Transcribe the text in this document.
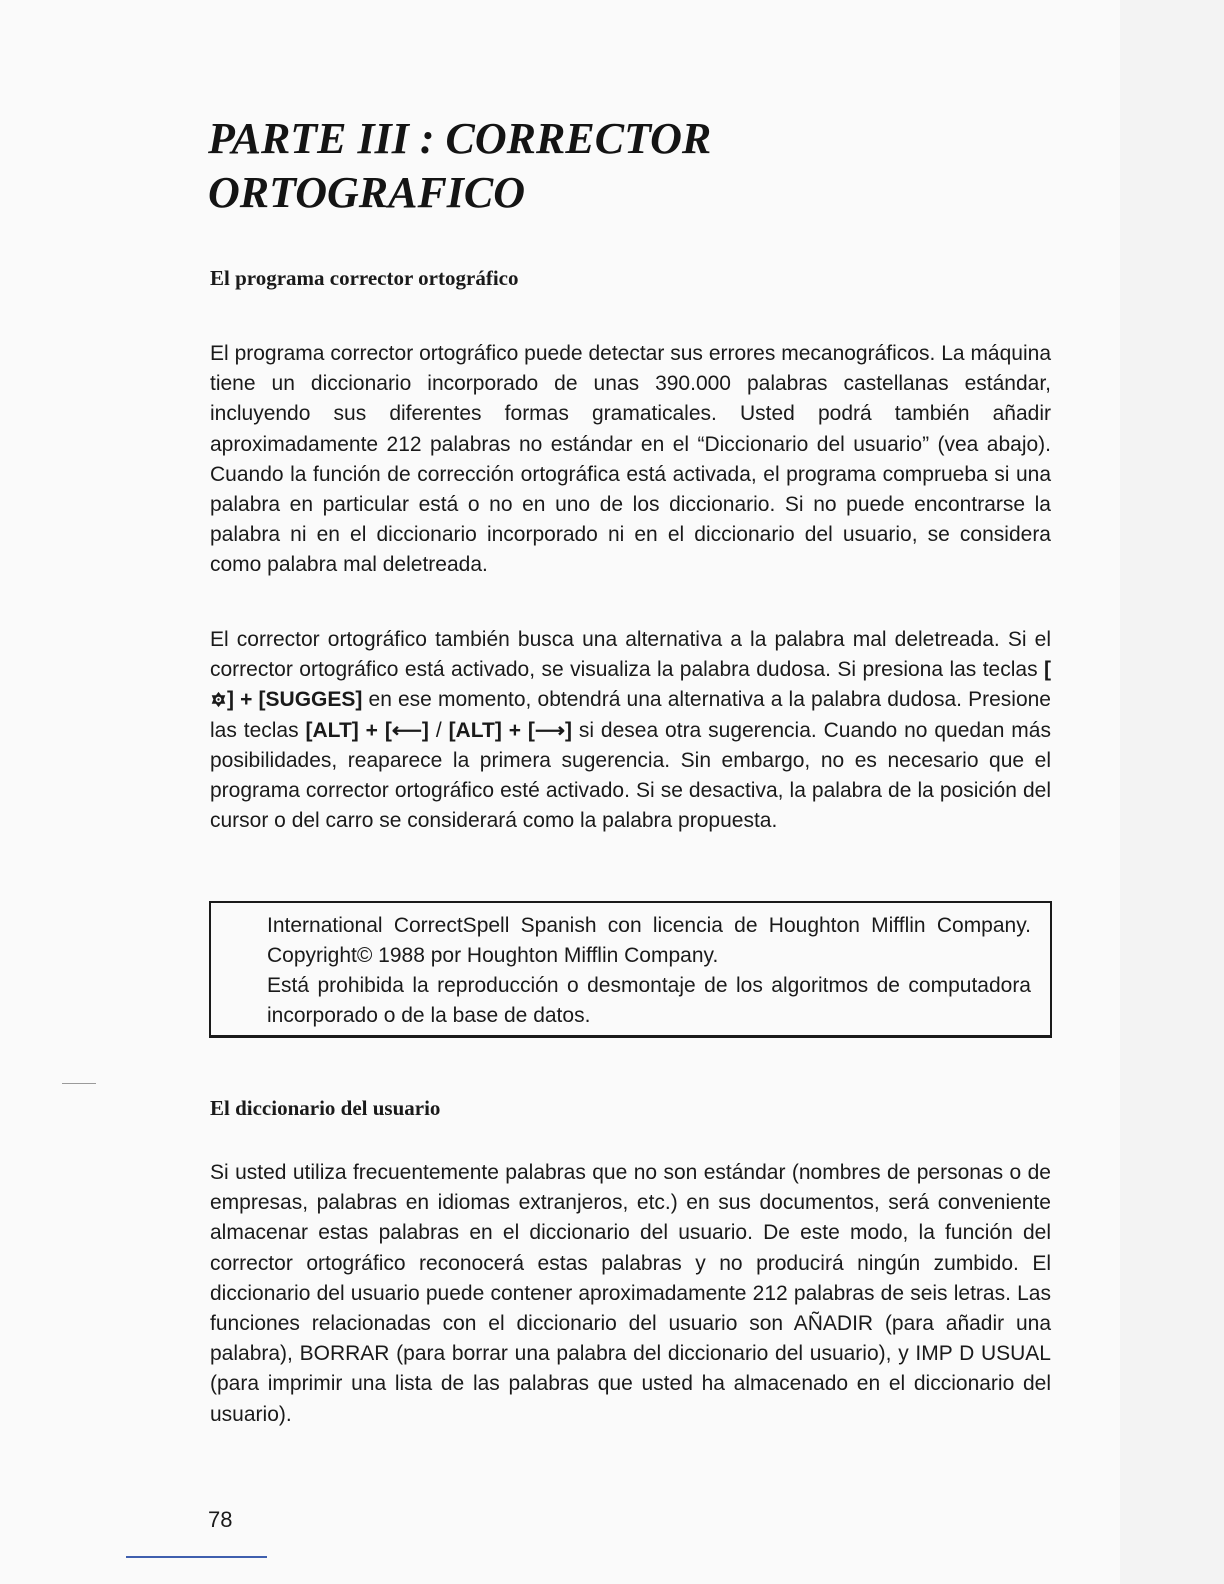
PARTE III : CORRECTOR
ORTOGRAFICO
El programa corrector ortográfico

El programa corrector ortográfico puede detectar sus errores mecanográficos. La máquina tiene un diccionario incorporado de unas 390.000 palabras castellanas estándar, incluyendo sus diferentes formas gramaticales. Usted podrá también añadir aproximadamente 212 palabras no estándar en el “Diccionario del usuario” (vea abajo). Cuando la función de corrección ortográfica está activada, el programa comprueba si una palabra en particular está o no en uno de los diccionario. Si no puede encontrarse la palabra ni en el diccionario incorporado ni en el diccionario del usuario, se considera como palabra mal deletreada.

El corrector ortográfico también busca una alternativa a la palabra mal deletreada. Si el corrector ortográfico está activado, se visualiza la palabra dudosa. Si presiona las teclas [
] + [SUGGES] en ese momento, obtendrá una alternativa a la palabra dudosa. Presione las teclas [ALT] + [⟵] / [ALT] + [⟶] si desea otra sugerencia. Cuando no quedan más posibilidades, reaparece la primera sugerencia. Sin embargo, no es necesario que el programa corrector ortográfico esté activado. Si se desactiva, la palabra de la posición del cursor o del carro se considerará como la palabra propuesta.

International CorrectSpell Spanish con licencia de Houghton Mifflin Company. Copyright© 1988 por Houghton Mifflin Company.
Está prohibida la reproducción o desmontaje de los algoritmos de computadora incorporado o de la base de datos.

El diccionario del usuario

Si usted utiliza frecuentemente palabras que no son estándar (nombres de personas o de empresas, palabras en idiomas extranjeros, etc.) en sus documentos, será conveniente almacenar estas palabras en el diccionario del usuario. De este modo, la función del corrector ortográfico reconocerá estas palabras y no producirá ningún zumbido. El diccionario del usuario puede contener aproximadamente 212 palabras de seis letras. Las funciones relacionadas con el diccionario del usuario son AÑADIR (para añadir una palabra), BORRAR (para borrar una palabra del diccionario del usuario), y IMP D USUAL (para imprimir una lista de las palabras que usted ha almacenado en el diccionario del usuario).

78
